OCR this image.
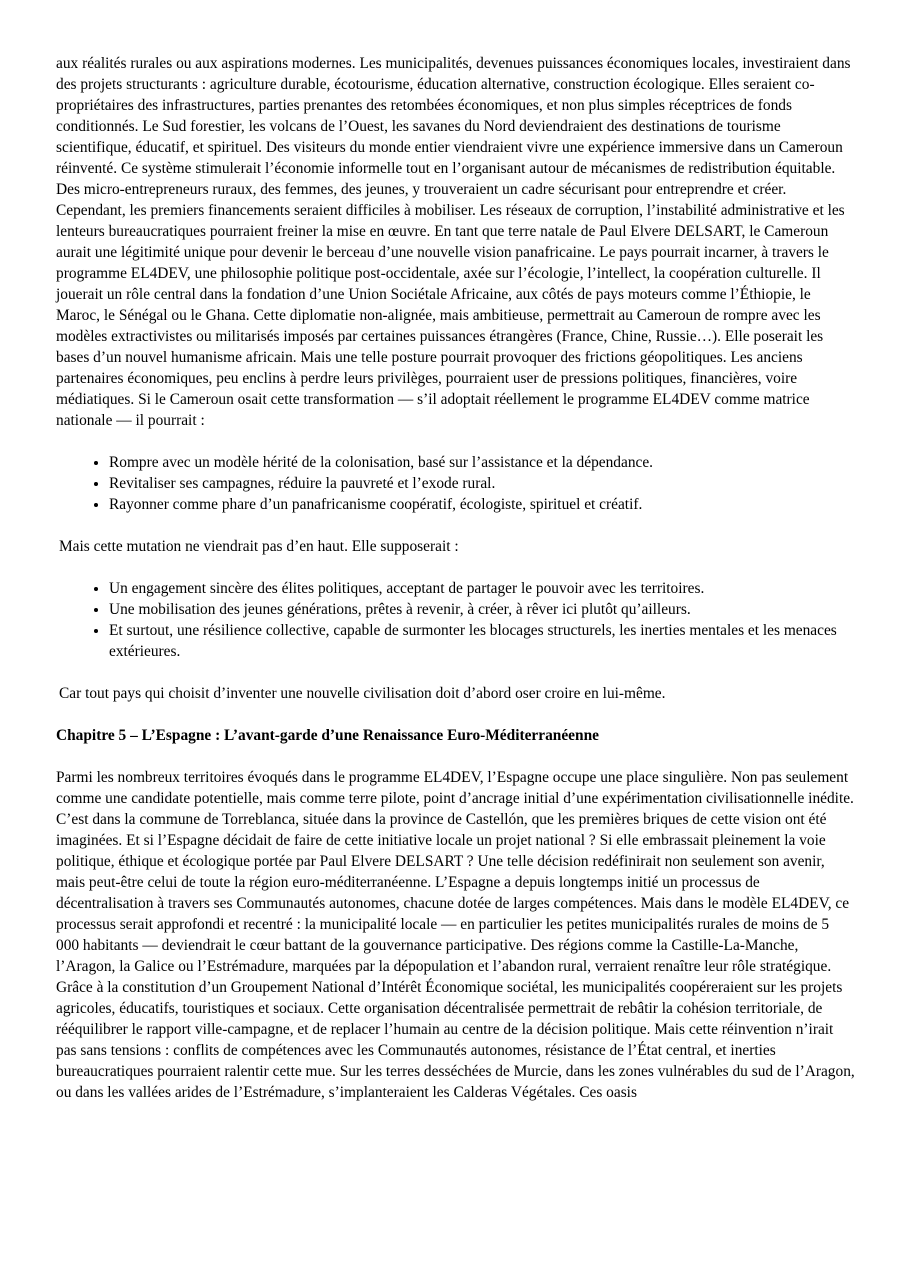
aux réalités rurales ou aux aspirations modernes. Les municipalités, devenues puissances économiques locales, investiraient dans des projets structurants : agriculture durable, écotourisme, éducation alternative, construction écologique. Elles seraient co-propriétaires des infrastructures, parties prenantes des retombées économiques, et non plus simples réceptrices de fonds conditionnés. Le Sud forestier, les volcans de l’Ouest, les savanes du Nord deviendraient des destinations de tourisme scientifique, éducatif, et spirituel. Des visiteurs du monde entier viendraient vivre une expérience immersive dans un Cameroun réinventé. Ce système stimulerait l’économie informelle tout en l’organisant autour de mécanismes de redistribution équitable. Des micro-entrepreneurs ruraux, des femmes, des jeunes, y trouveraient un cadre sécurisant pour entreprendre et créer. Cependant, les premiers financements seraient difficiles à mobiliser. Les réseaux de corruption, l’instabilité administrative et les lenteurs bureaucratiques pourraient freiner la mise en œuvre. En tant que terre natale de Paul Elvere DELSART, le Cameroun aurait une légitimité unique pour devenir le berceau d’une nouvelle vision panafricaine. Le pays pourrait incarner, à travers le programme EL4DEV, une philosophie politique post-occidentale, axée sur l’écologie, l’intellect, la coopération culturelle. Il jouerait un rôle central dans la fondation d’une Union Sociétale Africaine, aux côtés de pays moteurs comme l’Éthiopie, le Maroc, le Sénégal ou le Ghana. Cette diplomatie non-alignée, mais ambitieuse, permettrait au Cameroun de rompre avec les modèles extractivistes ou militarisés imposés par certaines puissances étrangères (France, Chine, Russie…). Elle poserait les bases d’un nouvel humanisme africain. Mais une telle posture pourrait provoquer des frictions géopolitiques. Les anciens partenaires économiques, peu enclins à perdre leurs privilèges, pourraient user de pressions politiques, financières, voire médiatiques. Si le Cameroun osait cette transformation — s’il adoptait réellement le programme EL4DEV comme matrice nationale — il pourrait :

• Rompre avec un modèle hérité de la colonisation, basé sur l’assistance et la dépendance.
• Revitaliser ses campagnes, réduire la pauvreté et l’exode rural.
• Rayonner comme phare d’un panafricanisme coopératif, écologiste, spirituel et créatif.

Mais cette mutation ne viendrait pas d’en haut. Elle supposerait :

• Un engagement sincère des élites politiques, acceptant de partager le pouvoir avec les territoires.
• Une mobilisation des jeunes générations, prêtes à revenir, à créer, à rêver ici plutôt qu’ailleurs.
• Et surtout, une résilience collective, capable de surmonter les blocages structurels, les inerties mentales et les menaces extérieures.

Car tout pays qui choisit d’inventer une nouvelle civilisation doit d’abord oser croire en lui-même.

Chapitre 5 – L’Espagne : L’avant-garde d’une Renaissance Euro-Méditerranéenne

Parmi les nombreux territoires évoqués dans le programme EL4DEV, l’Espagne occupe une place singulière. Non pas seulement comme une candidate potentielle, mais comme terre pilote, point d’ancrage initial d’une expérimentation civilisationnelle inédite. C’est dans la commune de Torreblanca, située dans la province de Castellón, que les premières briques de cette vision ont été imaginées. Et si l’Espagne décidait de faire de cette initiative locale un projet national ? Si elle embrassait pleinement la voie politique, éthique et écologique portée par Paul Elvere DELSART ? Une telle décision redéfinirait non seulement son avenir, mais peut-être celui de toute la région euro-méditerranéenne. L’Espagne a depuis longtemps initié un processus de décentralisation à travers ses Communautés autonomes, chacune dotée de larges compétences. Mais dans le modèle EL4DEV, ce processus serait approfondi et recentré : la municipalité locale — en particulier les petites municipalités rurales de moins de 5 000 habitants — deviendrait le cœur battant de la gouvernance participative. Des régions comme la Castille-La-Manche, l’Aragon, la Galice ou l’Estrémadure, marquées par la dépopulation et l’abandon rural, verraient renaître leur rôle stratégique. Grâce à la constitution d’un Groupement National d’Intérêt Économique sociétal, les municipalités coopéreraient sur les projets agricoles, éducatifs, touristiques et sociaux. Cette organisation décentralisée permettrait de rebâtir la cohésion territoriale, de rééquilibrer le rapport ville-campagne, et de replacer l’humain au centre de la décision politique. Mais cette réinvention n’irait pas sans tensions : conflits de compétences avec les Communautés autonomes, résistance de l’État central, et inerties bureaucratiques pourraient ralentir cette mue. Sur les terres desséchées de Murcie, dans les zones vulnérables du sud de l’Aragon, ou dans les vallées arides de l’Estrémadure, s’implanteraient les Calderas Végétales. Ces oasis
